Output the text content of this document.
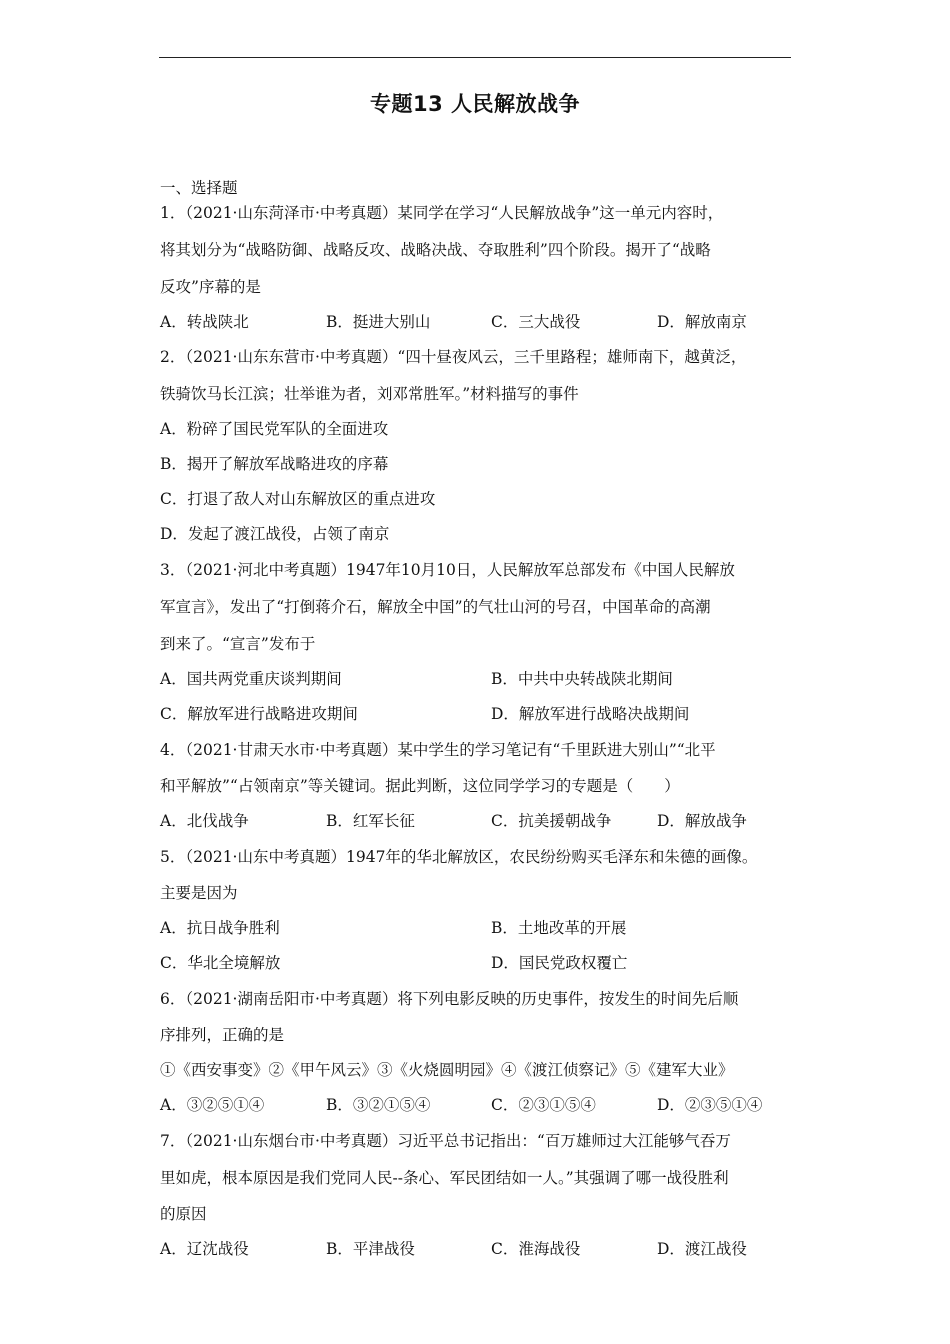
专题13 人民解放战争
一、选择题
1．（2021·山东菏泽市·中考真题）某同学在学习“人民解放战争”这一单元内容时，
将其划分为“战略防御、战略反攻、战略决战、夺取胜利”四个阶段。揭开了“战略
反攻”序幕的是
A．转战陕北	B．挺进大别山	C．三大战役	D．解放南京
2．（2021·山东东营市·中考真题）“四十昼夜风云，三千里路程；雄师南下，越黄泛，
铁骑饮马长江滨；壮举谁为者，刘邓常胜军。”材料描写的事件
A．粉碎了国民党军队的全面进攻
B．揭开了解放军战略进攻的序幕
C．打退了敌人对山东解放区的重点进攻
D．发起了渡江战役，占领了南京
3．（2021·河北中考真题）1947年10月10日，人民解放军总部发布《中国人民解放
军宣言》，发出了“打倒蒋介石，解放全中国”的气壮山河的号召，中国革命的高潮
到来了。“宣言”发布于
A．国共两党重庆谈判期间	B．中共中央转战陕北期间
C．解放军进行战略进攻期间	D．解放军进行战略决战期间
4．（2021·甘肃天水市·中考真题）某中学生的学习笔记有“千里跃进大别山”“北平
和平解放”“占领南京”等关键词。据此判断，这位同学学习的专题是（　　）
A．北伐战争	B．红军长征	C．抗美援朝战争	D．解放战争
5．（2021·山东中考真题）1947年的华北解放区，农民纷纷购买毛泽东和朱德的画像。
主要是因为
A．抗日战争胜利	B．土地改革的开展
C．华北全境解放	D．国民党政权覆亡
6．（2021·湖南岳阳市·中考真题）将下列电影反映的历史事件，按发生的时间先后顺
序排列，正确的是
①《西安事变》②《甲午风云》③《火烧圆明园》④《渡江侦察记》⑤《建军大业》
A．③②⑤①④	B．③②①⑤④	C．②③①⑤④	D．②③⑤①④
7．（2021·山东烟台市·中考真题）习近平总书记指出：“百万雄师过大江能够气吞万
里如虎，根本原因是我们党同人民--条心、军民团结如一人。”其强调了哪一战役胜利
的原因
A．辽沈战役	B．平津战役	C．淮海战役	D．渡江战役
